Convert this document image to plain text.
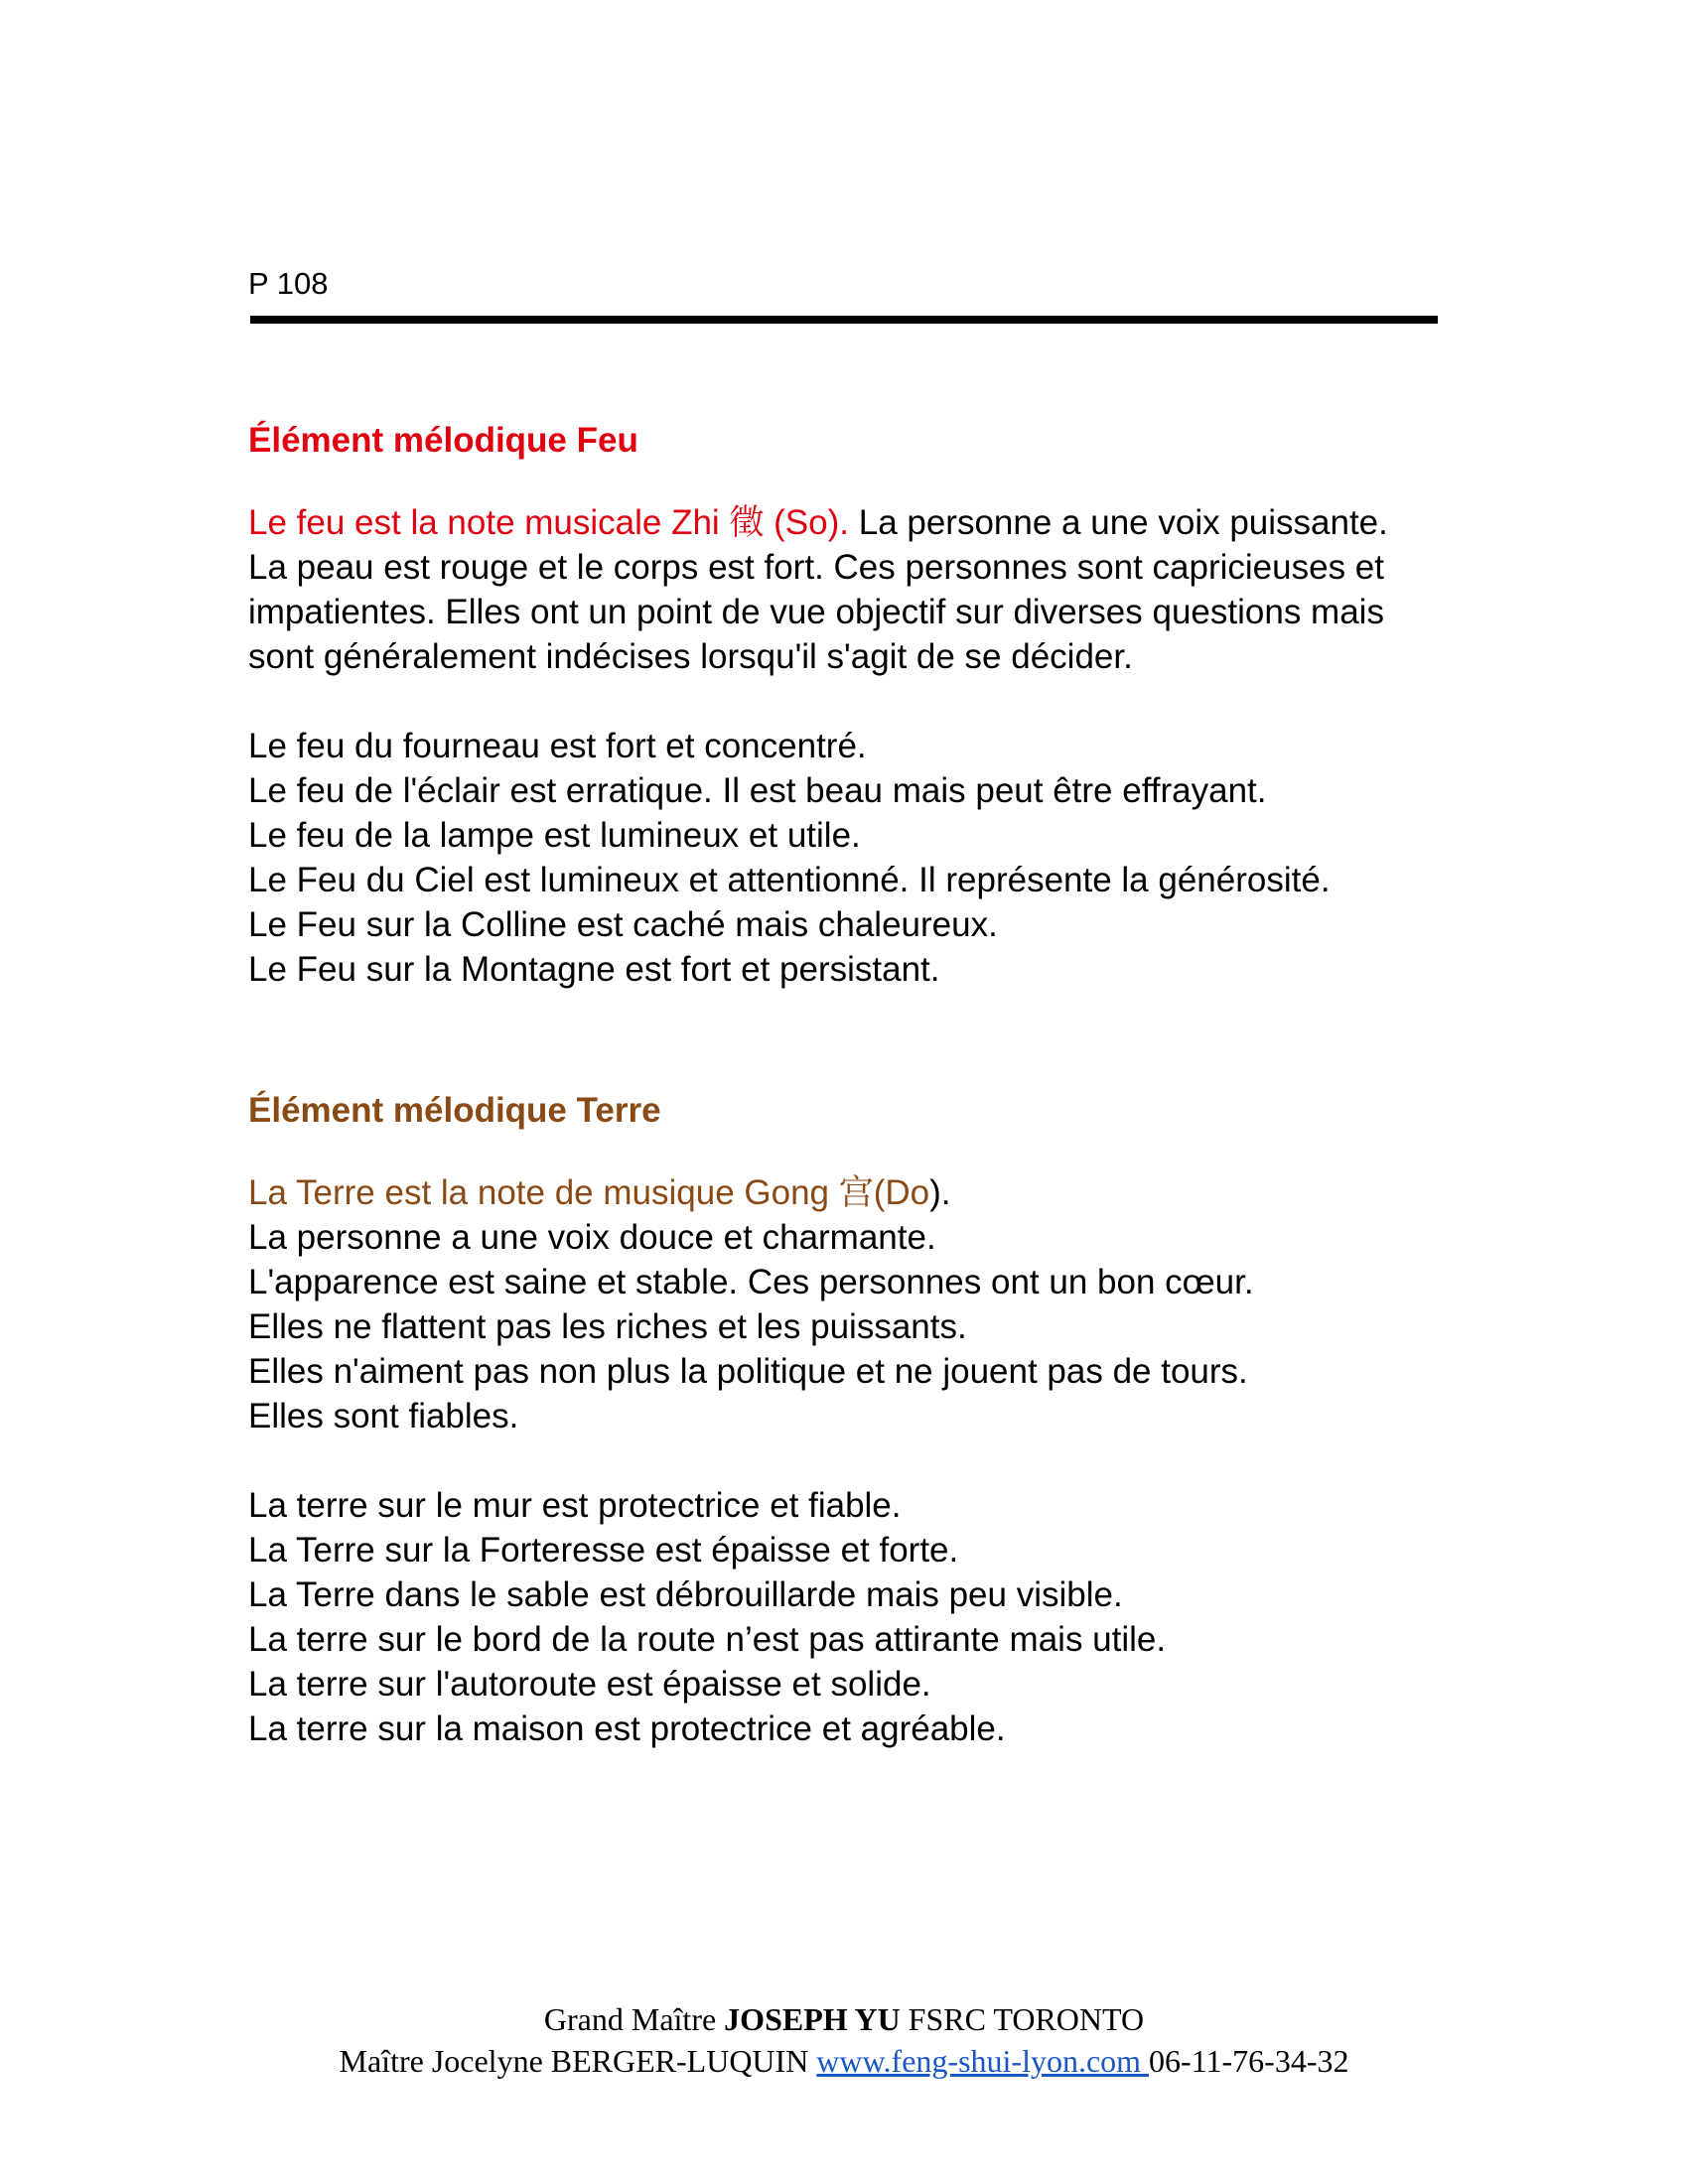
P 108
Élément mélodique Feu

Le feu est la note musicale Zhi 徵 (So). La personne a une voix puissante.

La peau est rouge et le corps est fort. Ces personnes sont capricieuses et

impatientes. Elles ont un point de vue objectif sur diverses questions mais

sont généralement indécises lorsqu'il s'agit de se décider.

Le feu du fourneau est fort et concentré.

Le feu de l'éclair est erratique. Il est beau mais peut être effrayant.

Le feu de la lampe est lumineux et utile.

Le Feu du Ciel est lumineux et attentionné. Il représente la générosité.

Le Feu sur la Colline est caché mais chaleureux.

Le Feu sur la Montagne est fort et persistant.

Élément mélodique Terre

La Terre est la note de musique Gong 宫(Do).

La personne a une voix douce et charmante.

L'apparence est saine et stable. Ces personnes ont un bon cœur.

Elles ne flattent pas les riches et les puissants.

Elles n'aiment pas non plus la politique et ne jouent pas de tours.

Elles sont fiables.

La terre sur le mur est protectrice et fiable.

La Terre sur la Forteresse est épaisse et forte.

La Terre dans le sable est débrouillarde mais peu visible.

La terre sur le bord de la route n’est pas attirante mais utile.

La terre sur l'autoroute est épaisse et solide.

La terre sur la maison est protectrice et agréable.

Grand Maître JOSEPH YU FSRC TORONTO
Maître Jocelyne BERGER-LUQUIN www.feng-shui-lyon.com 06-11-76-34-32
